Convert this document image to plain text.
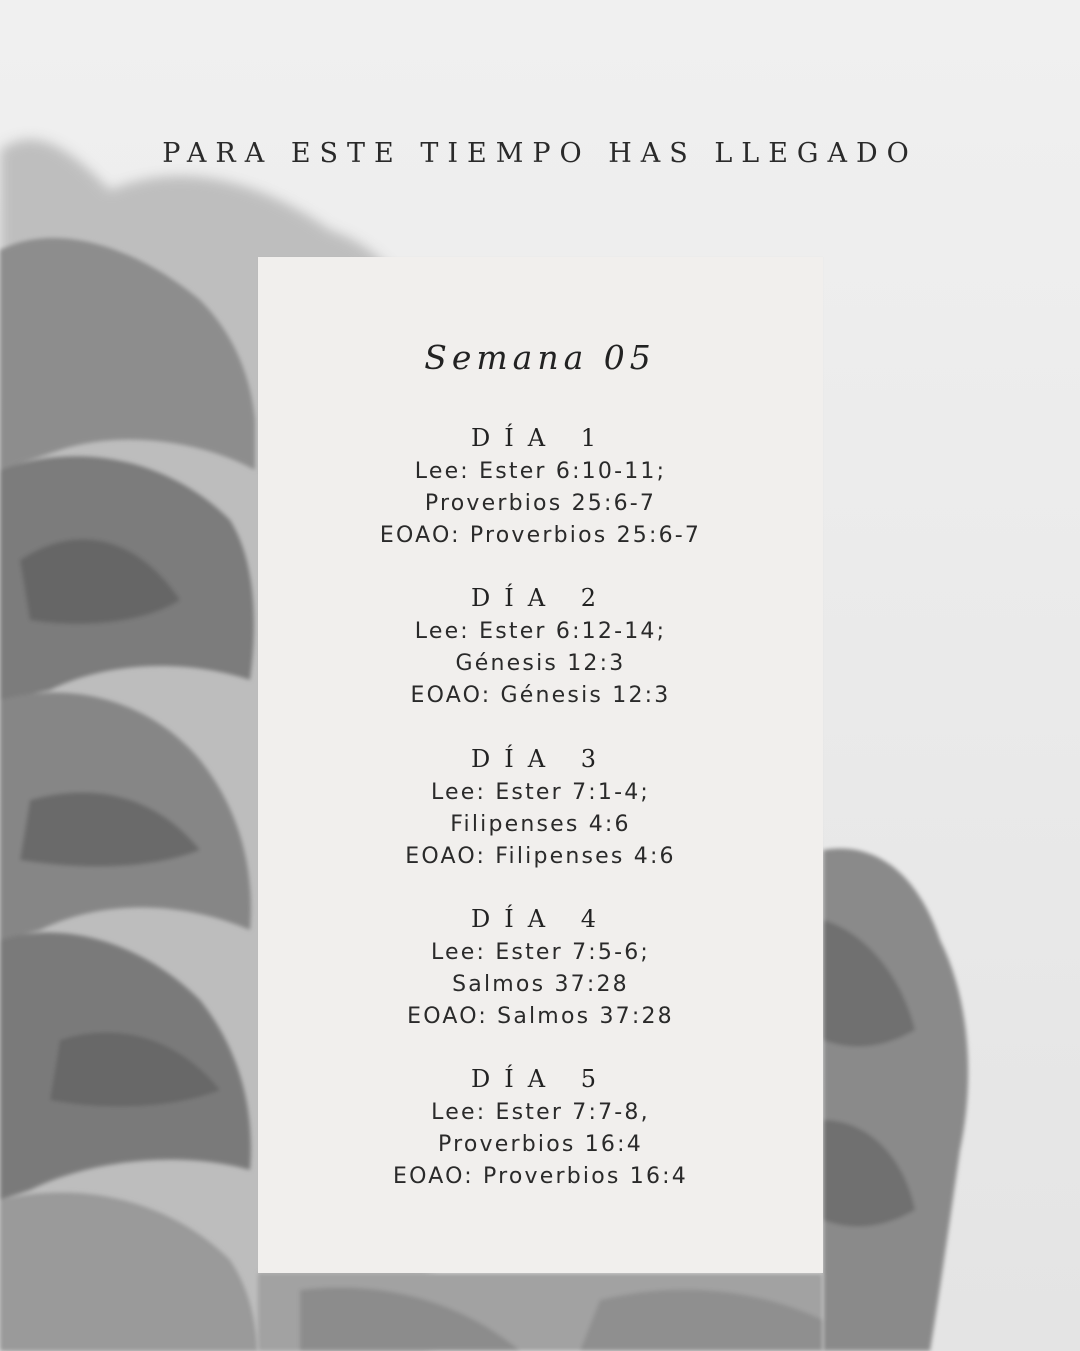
PARA ESTE TIEMPO HAS LLEGADO
Semana 05
DÍA 1
Lee: Ester 6:10-11;
Proverbios 25:6-7
EOAO: Proverbios 25:6-7
DÍA 2
Lee: Ester 6:12-14;
Génesis 12:3
EOAO: Génesis 12:3
DÍA 3
Lee: Ester 7:1-4;
Filipenses 4:6
EOAO: Filipenses 4:6
DÍA 4
Lee: Ester 7:5-6;
Salmos 37:28
EOAO: Salmos 37:28
DÍA 5
Lee: Ester 7:7-8,
Proverbios 16:4
EOAO: Proverbios 16:4
